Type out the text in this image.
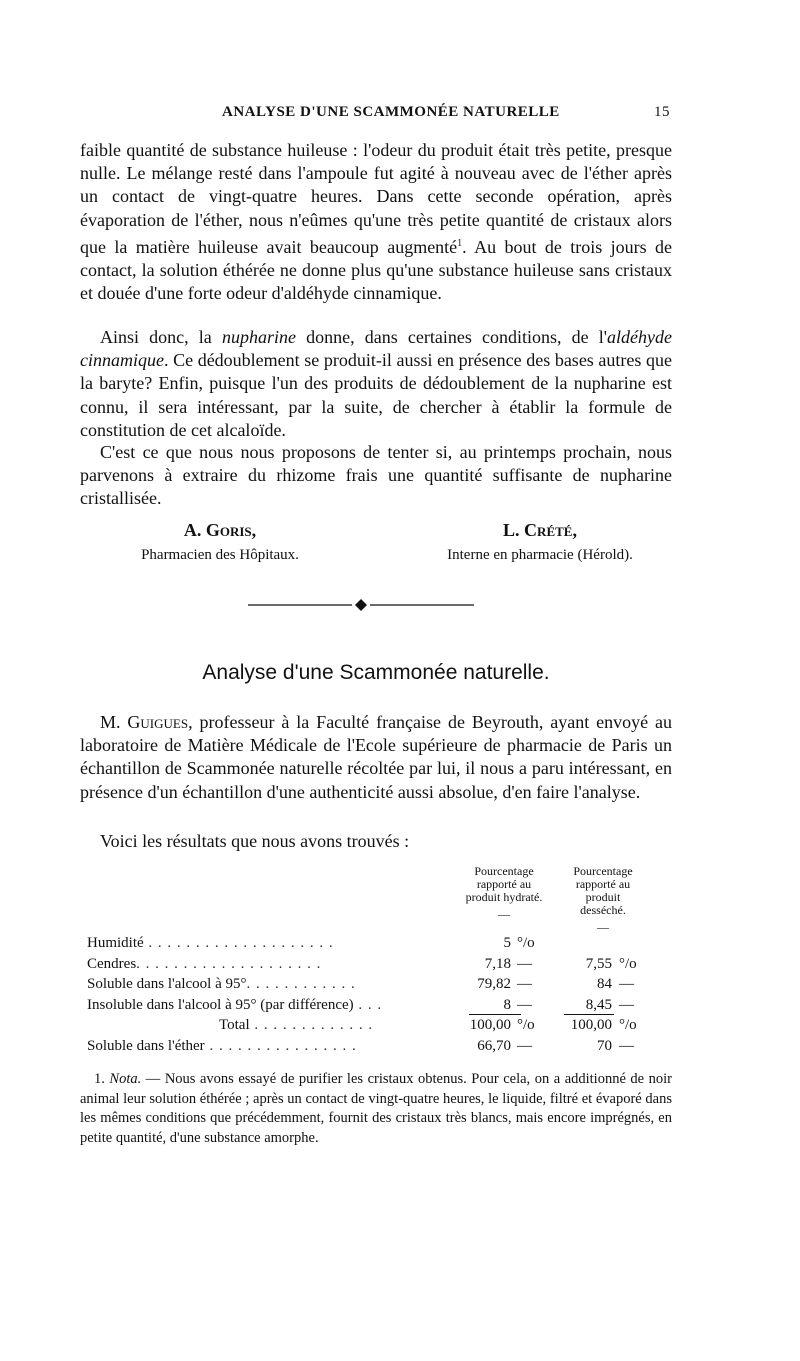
ANALYSE D'UNE SCAMMONÉE NATURELLE	15

faible quantité de substance huileuse : l'odeur du produit était très petite, presque nulle. Le mélange resté dans l'ampoule fut agité à nouveau avec de l'éther après un contact de vingt-quatre heures. Dans cette seconde opération, après évaporation de l'éther, nous n'eûmes qu'une très petite quantité de cristaux alors que la matière huileuse avait beaucoup augmenté$^1$. Au bout de trois jours de contact, la solution éthérée ne donne plus qu'une substance huileuse sans cristaux et douée d'une forte odeur d'aldéhyde cinnamique.

Ainsi donc, la nupharine donne, dans certaines conditions, de l'aldéhyde cinnamique. Ce dédoublement se produit-il aussi en présence des bases autres que la baryte? Enfin, puisque l'un des produits de dédoublement de la nupharine est connu, il sera intéressant, par la suite, de chercher à établir la formule de constitution de cet alcaloïde.

C'est ce que nous nous proposons de tenter si, au printemps prochain, nous parvenons à extraire du rhizome frais une quantité suffisante de nupharine cristallisée.

A. Goris,
Pharmacien des Hôpitaux.
L. Crété,
Interne en pharmacie (Hérold).
Analyse d'une Scammonée naturelle.

M. Guigues, professeur à la Faculté française de Beyrouth, ayant envoyé au laboratoire de Matière Médicale de l'Ecole supérieure de pharmacie de Paris un échantillon de Scammonée naturelle récoltée par lui, il nous a paru intéressant, en présence d'un échantillon d'une authenticité aussi absolue, d'en faire l'analyse.

Voici les résultats que nous avons trouvés :

Pourcentage rapporté au produit hydraté.
—
Pourcentage rapporté au produit desséché.
—
Humidité . . . . . . . . . . . . . . . . . . . .	5 °/o
Cendres. . . . . . . . . . . . . . . . . . . .	7,18 —	7,55 °/o
Soluble dans l'alcool à 95°. . . . . . . . . . . .	79,82 —	84 —
Insoluble dans l'alcool à 95° (par différence) . . .	8 —	8,45 —
Total . . . . . . . . . . . . .	100,00 °/o	100,00 °/o
Soluble dans l'éther . . . . . . . . . . . . . . . .	66,70 —	70 —

1. Nota. — Nous avons essayé de purifier les cristaux obtenus. Pour cela, on a additionné de noir animal leur solution éthérée ; après un contact de vingt-quatre heures, le liquide, filtré et évaporé dans les mêmes conditions que précédemment, fournit des cristaux très blancs, mais encore imprégnés, en petite quantité, d'une substance amorphe.
